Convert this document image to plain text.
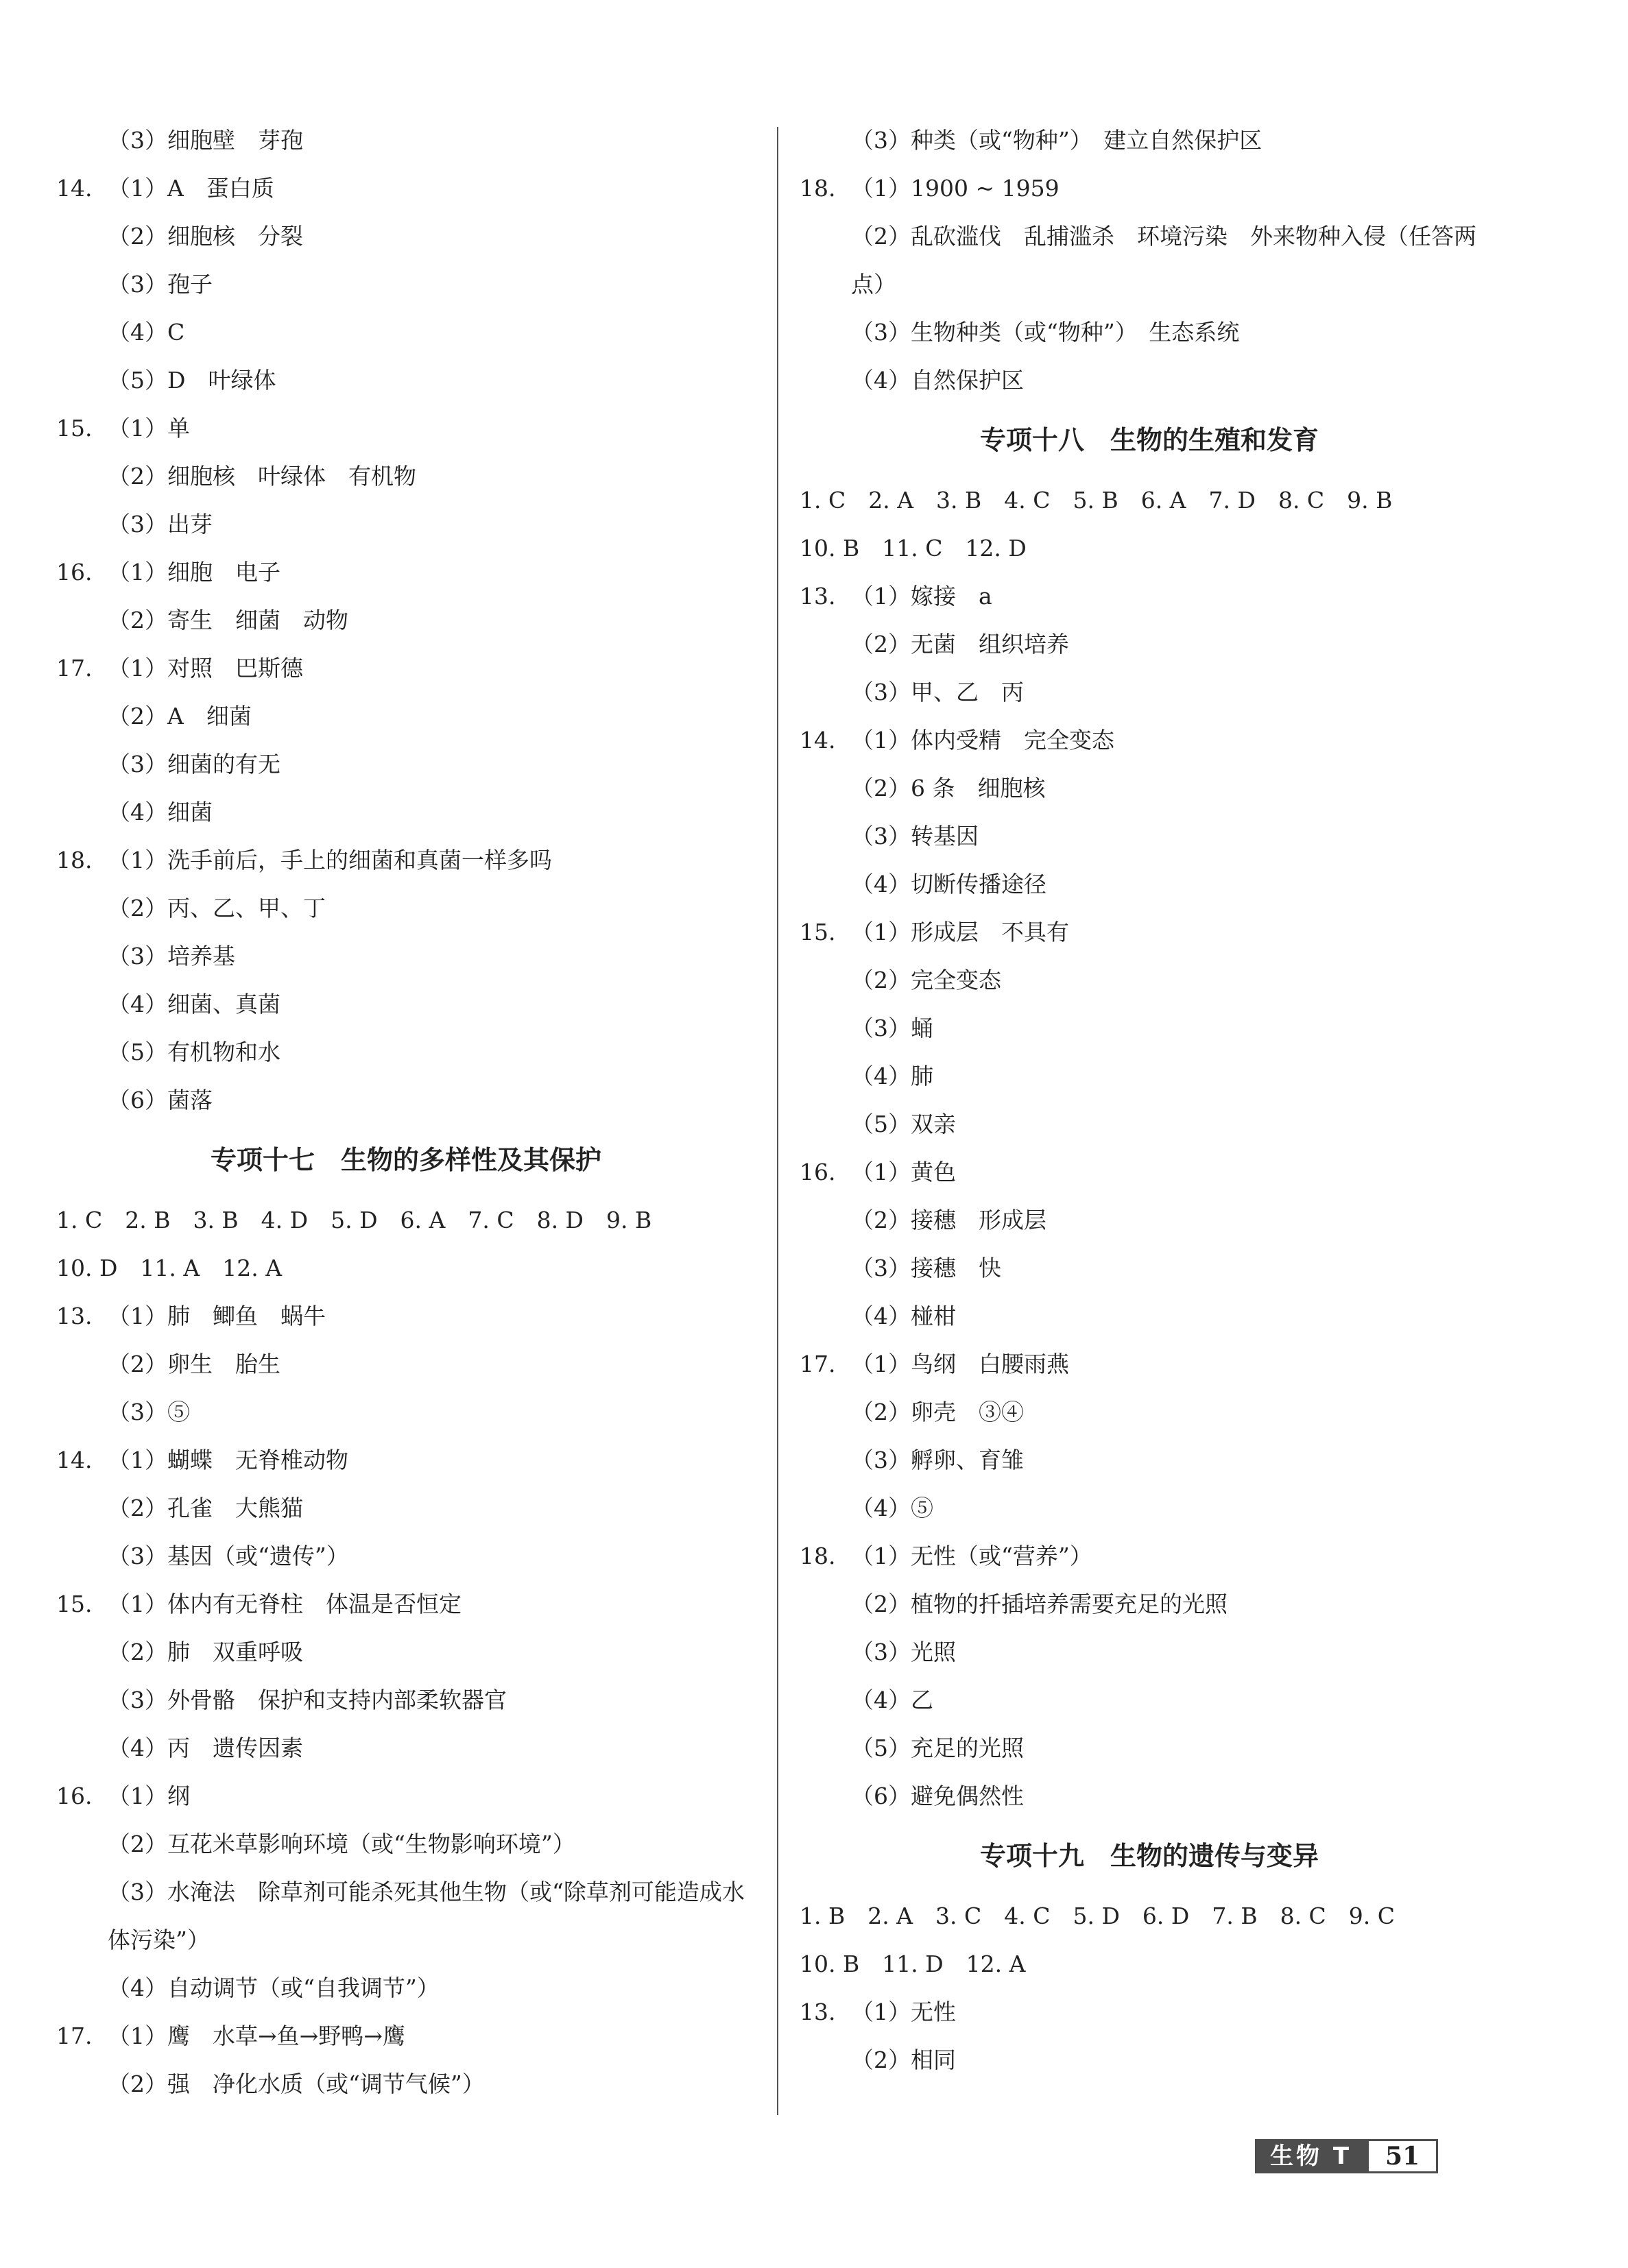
（3）细胞壁　芽孢
14. （1）A　蛋白质
（2）细胞核　分裂
（3）孢子
（4）C
（5）D　叶绿体
15. （1）单
（2）细胞核　叶绿体　有机物
（3）出芽
16. （1）细胞　电子
（2）寄生　细菌　动物
17. （1）对照　巴斯德
（2）A　细菌
（3）细菌的有无
（4）细菌
18. （1）洗手前后，手上的细菌和真菌一样多吗
（2）丙、乙、甲、丁
（3）培养基
（4）细菌、真菌
（5）有机物和水
（6）菌落
专项十七　生物的多样性及其保护
1. C　2. B　3. B　4. D　5. D　6. A　7. C　8. D　9. B
10. D　11. A　12. A
13. （1）肺　鲫鱼　蜗牛
（2）卵生　胎生
（3）⑤
14. （1）蝴蝶　无脊椎动物
（2）孔雀　大熊猫
（3）基因（或“遗传”）
15. （1）体内有无脊柱　体温是否恒定
（2）肺　双重呼吸
（3）外骨骼　保护和支持内部柔软器官
（4）丙　遗传因素
16. （1）纲
（2）互花米草影响环境（或“生物影响环境”）
（3）水淹法　除草剂可能杀死其他生物（或“除草剂可能造成水体污染”）
（4）自动调节（或“自我调节”）
17. （1）鹰　水草→鱼→野鸭→鹰
（2）强　净化水质（或“调节气候”）
（3）种类（或“物种”）　建立自然保护区
18. （1）1900 ~ 1959
（2）乱砍滥伐　乱捕滥杀　环境污染　外来物种入侵（任答两点）
（3）生物种类（或“物种”）　生态系统
（4）自然保护区
专项十八　生物的生殖和发育
1. C　2. A　3. B　4. C　5. B　6. A　7. D　8. C　9. B
10. B　11. C　12. D
13. （1）嫁接　a
（2）无菌　组织培养
（3）甲、乙　丙
14. （1）体内受精　完全变态
（2）6 条　细胞核
（3）转基因
（4）切断传播途径
15. （1）形成层　不具有
（2）完全变态
（3）蛹
（4）肺
（5）双亲
16. （1）黄色
（2）接穗　形成层
（3）接穗　快
（4）椪柑
17. （1）鸟纲　白腰雨燕
（2）卵壳　③④
（3）孵卵、育雏
（4）⑤
18. （1）无性（或“营养”）
（2）植物的扦插培养需要充足的光照
（3）光照
（4）乙
（5）充足的光照
（6）避免偶然性
专项十九　生物的遗传与变异
1. B　2. A　3. C　4. C　5. D　6. D　7. B　8. C　9. C
10. B　11. D　12. A
13. （1）无性
（2）相同
生物 T	51
